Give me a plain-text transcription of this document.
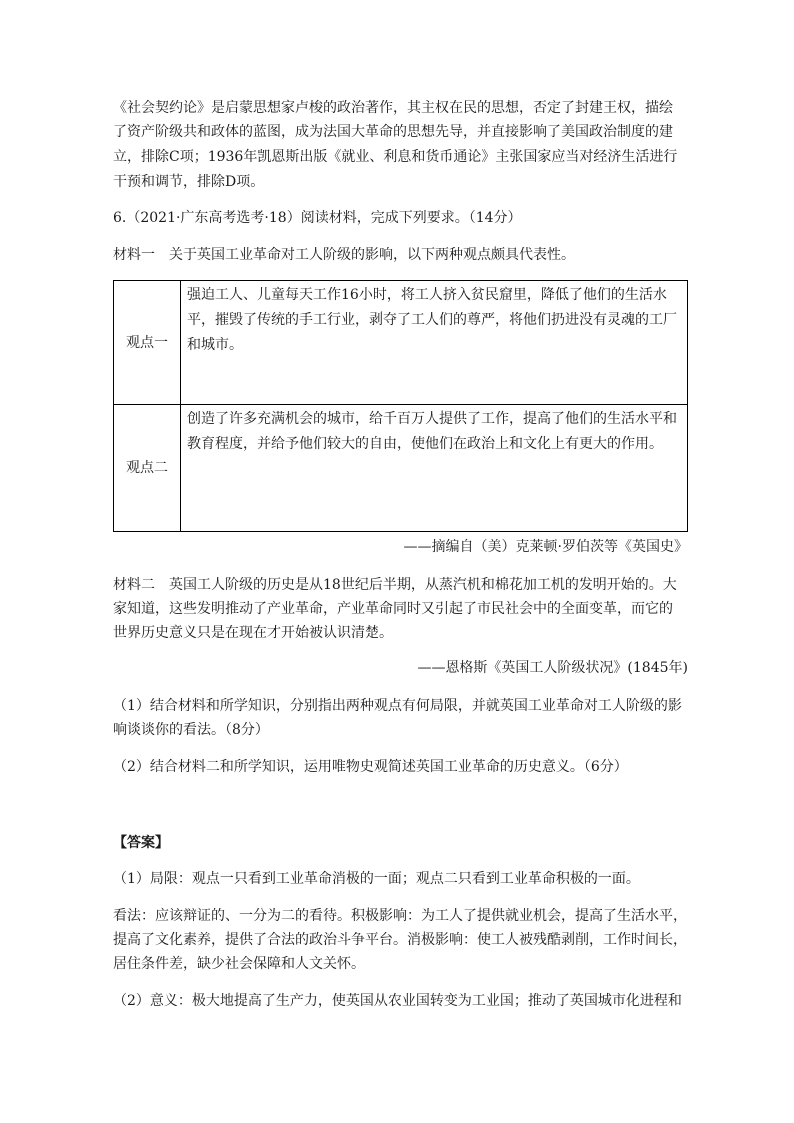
《社会契约论》是启蒙思想家卢梭的政治著作，其主权在民的思想，否定了封建王权，描绘

了资产阶级共和政体的蓝图，成为法国大革命的思想先导，并直接影响了美国政治制度的建

立，排除C项；1936年凯恩斯出版《就业、利息和货币通论》主张国家应当对经济生活进行

干预和调节，排除D项。

6.（2021·广东高考选考·18）阅读材料，完成下列要求。（14分）

材料一　关于英国工业革命对工人阶级的影响，以下两种观点颇具代表性。

观点一	强迫工人、儿童每天工作16小时，将工人挤入贫民窟里，降低了他们的生活水平，摧毁了传统的手工行业，剥夺了工人们的尊严，将他们扔进没有灵魂的工厂和城市。
观点二	创造了许多充满机会的城市，给千百万人提供了工作，提高了他们的生活水平和教育程度，并给予他们较大的自由，使他们在政治上和文化上有更大的作用。

——摘编自（美）克莱顿·罗伯茨等《英国史》

材料二　英国工人阶级的历史是从18世纪后半期，从蒸汽机和棉花加工机的发明开始的。大

家知道，这些发明推动了产业革命，产业革命同时又引起了市民社会中的全面变革，而它的

世界历史意义只是在现在才开始被认识清楚。

——恩格斯《英国工人阶级状况》(1845年)

（1）结合材料和所学知识，分别指出两种观点有何局限，并就英国工业革命对工人阶级的影

响谈谈你的看法。（8分）

（2）结合材料二和所学知识，运用唯物史观简述英国工业革命的历史意义。（6分）

【答案】

（1）局限：观点一只看到工业革命消极的一面；观点二只看到工业革命积极的一面。

看法：应该辩证的、一分为二的看待。积极影响：为工人了提供就业机会，提高了生活水平，

提高了文化素养，提供了合法的政治斗争平台。消极影响：使工人被残酷剥削，工作时间长，

居住条件差，缺少社会保障和人文关怀。

（2）意义：极大地提高了生产力，使英国从农业国转变为工业国；推动了英国城市化进程和
